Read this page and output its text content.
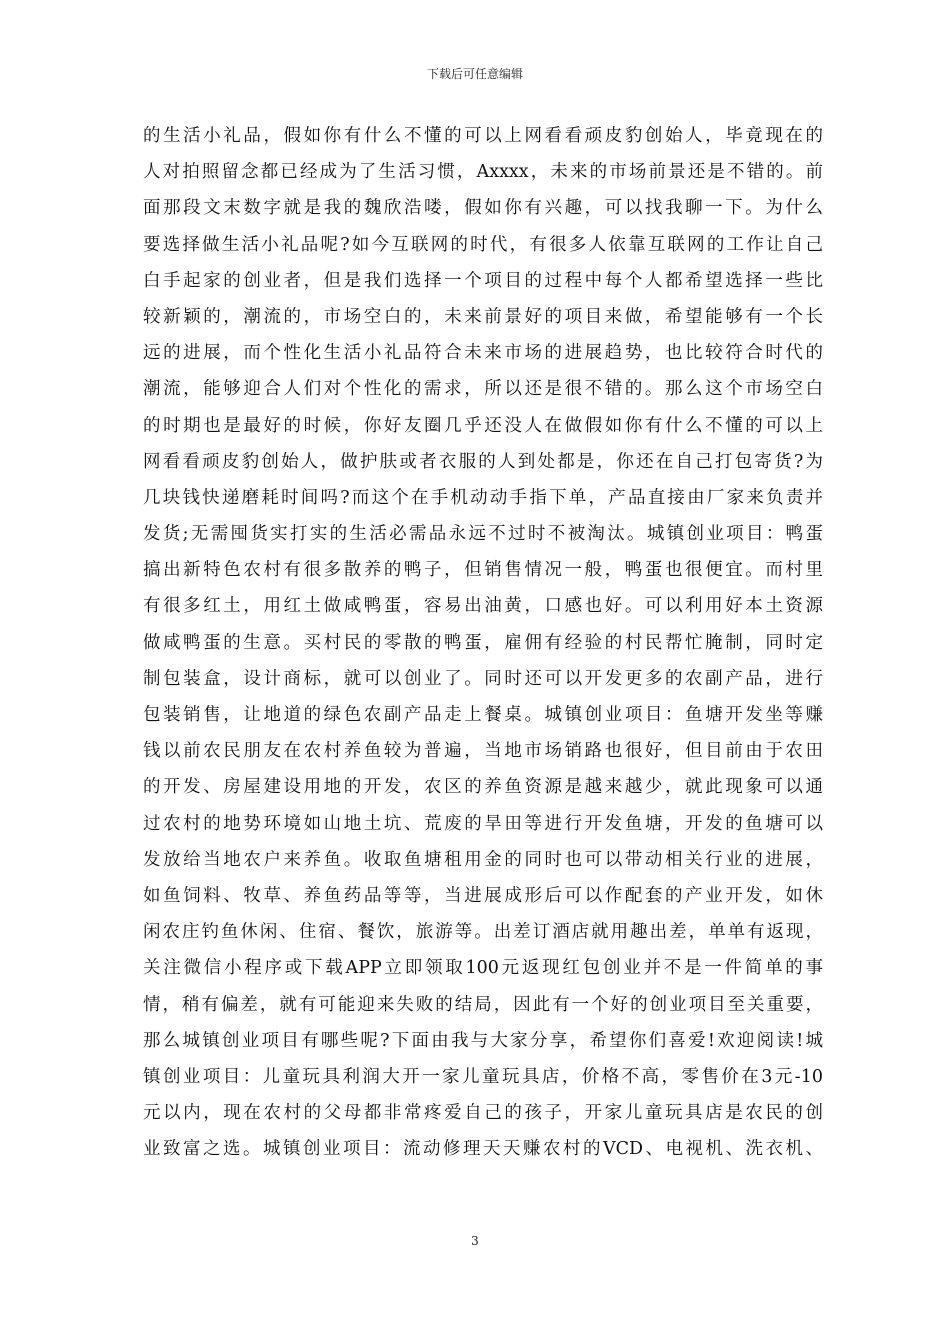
下载后可任意编辑
的生活小礼品，假如你有什么不懂的可以上网看看顽皮豹创始人，毕竟现在的
人对拍照留念都已经成为了生活习惯，Axxxx，未来的市场前景还是不错的。前
面那段文末数字就是我的魏欣浩喽，假如你有兴趣，可以找我聊一下。为什么
要选择做生活小礼品呢?如今互联网的时代，有很多人依靠互联网的工作让自己
白手起家的创业者，但是我们选择一个项目的过程中每个人都希望选择一些比
较新颖的，潮流的，市场空白的，未来前景好的项目来做，希望能够有一个长
远的进展，而个性化生活小礼品符合未来市场的进展趋势，也比较符合时代的
潮流，能够迎合人们对个性化的需求，所以还是很不错的。那么这个市场空白
的时期也是最好的时候，你好友圈几乎还没人在做假如你有什么不懂的可以上
网看看顽皮豹创始人，做护肤或者衣服的人到处都是，你还在自己打包寄货?为
几块钱快递磨耗时间吗?而这个在手机动动手指下单，产品直接由厂家来负责并
发货;无需囤货实打实的生活必需品永远不过时不被淘汰。城镇创业项目：鸭蛋
搞出新特色农村有很多散养的鸭子，但销售情况一般，鸭蛋也很便宜。而村里
有很多红土，用红土做咸鸭蛋，容易出油黄，口感也好。可以利用好本土资源
做咸鸭蛋的生意。买村民的零散的鸭蛋，雇佣有经验的村民帮忙腌制，同时定
制包装盒，设计商标，就可以创业了。同时还可以开发更多的农副产品，进行
包装销售，让地道的绿色农副产品走上餐桌。城镇创业项目：鱼塘开发坐等赚
钱以前农民朋友在农村养鱼较为普遍，当地市场销路也很好，但目前由于农田
的开发、房屋建设用地的开发，农区的养鱼资源是越来越少，就此现象可以通
过农村的地势环境如山地土坑、荒废的旱田等进行开发鱼塘，开发的鱼塘可以
发放给当地农户来养鱼。收取鱼塘租用金的同时也可以带动相关行业的进展，
如鱼饲料、牧草、养鱼药品等等，当进展成形后可以作配套的产业开发，如休
闲农庄钓鱼休闲、住宿、餐饮，旅游等。出差订酒店就用趣出差，单单有返现，
关注微信小程序或下载APP立即领取100元返现红包创业并不是一件简单的事
情，稍有偏差，就有可能迎来失败的结局，因此有一个好的创业项目至关重要，
那么城镇创业项目有哪些呢?下面由我与大家分享，希望你们喜爱!欢迎阅读!城
镇创业项目：儿童玩具利润大开一家儿童玩具店，价格不高，零售价在3元-10
元以内，现在农村的父母都非常疼爱自己的孩子，开家儿童玩具店是农民的创
业致富之选。城镇创业项目：流动修理天天赚农村的VCD、电视机、洗衣机、
3
